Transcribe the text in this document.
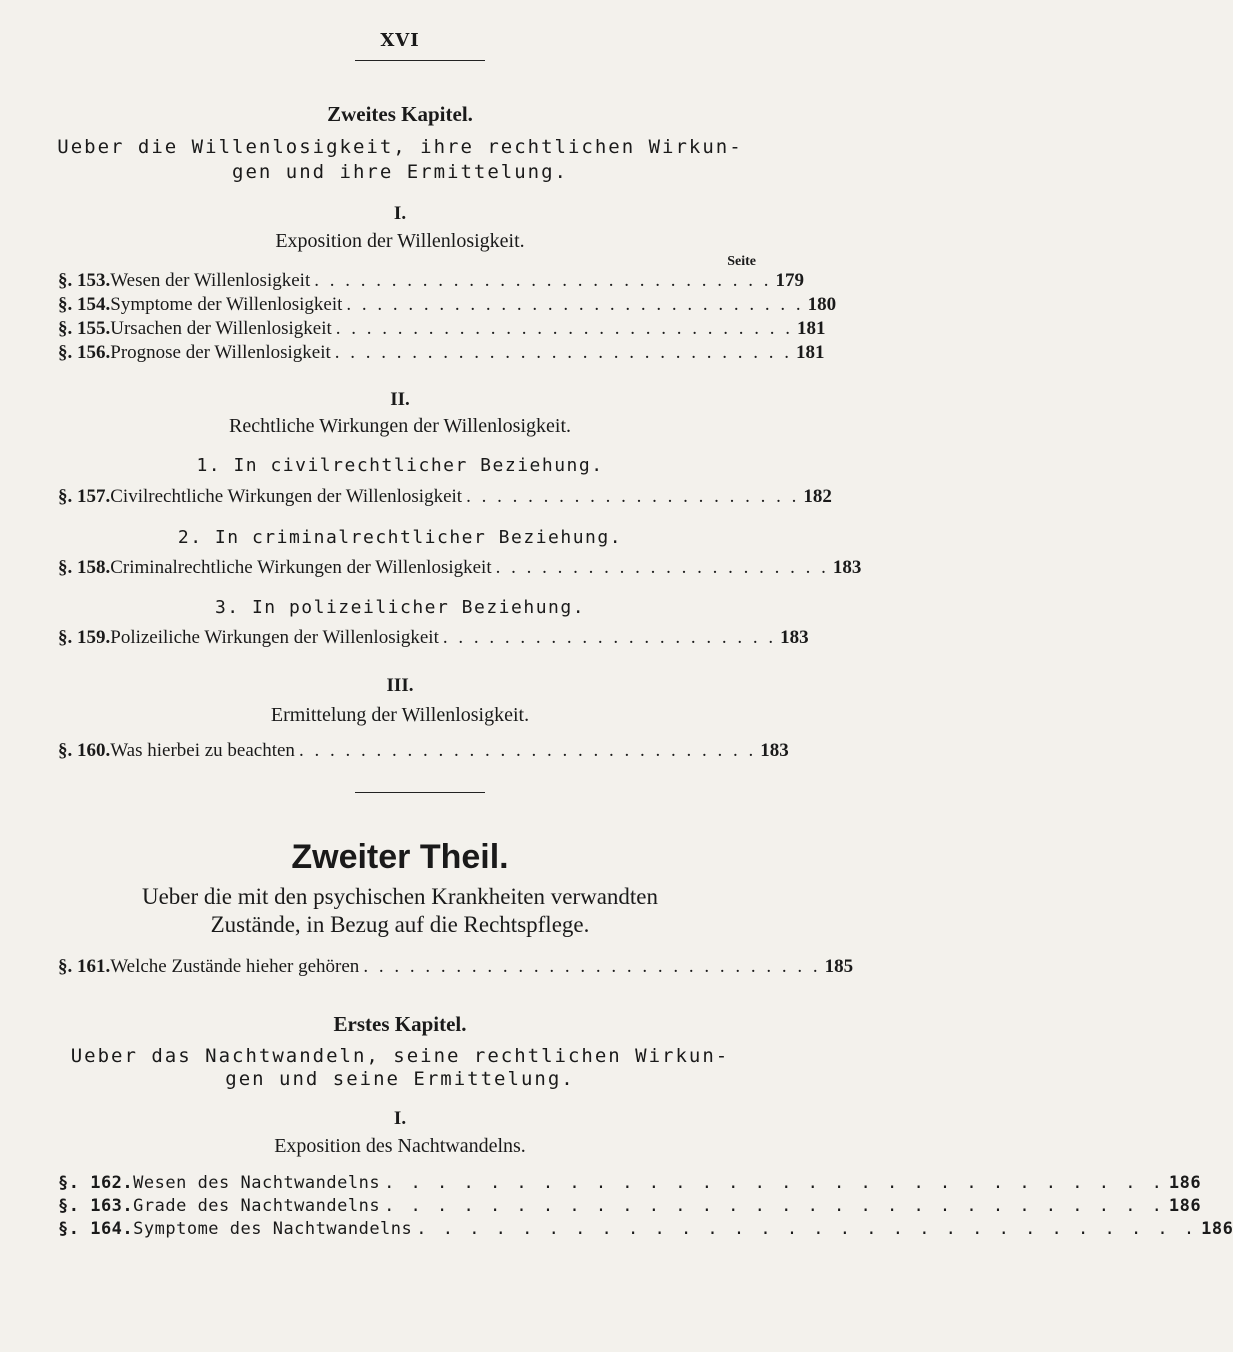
XVI
Zweites Kapitel.
Ueber die Willenlosigkeit, ihre rechtlichen Wirkun-
gen und ihre Ermittelung.
I.
Exposition der Willenlosigkeit.
Seite
§. 153. Wesen der Willenlosigkeit . . . . . . . . . . . . . . . . . . . . . . . . . . . . . . 179
§. 154. Symptome der Willenlosigkeit . . . . . . . . . . . . . . . . . . . . . . . . . . . . . . 180
§. 155. Ursachen der Willenlosigkeit . . . . . . . . . . . . . . . . . . . . . . . . . . . . . . 181
§. 156. Prognose der Willenlosigkeit . . . . . . . . . . . . . . . . . . . . . . . . . . . . . . 181
II.
Rechtliche Wirkungen der Willenlosigkeit.
1. In civilrechtlicher Beziehung.
§. 157. Civilrechtliche Wirkungen der Willenlosigkeit . . . . . . . . . . . . . . . . . . . . . . 182
2. In criminalrechtlicher Beziehung.
§. 158. Criminalrechtliche Wirkungen der Willenlosigkeit . . . . . . . . . . . . . . . . . . . . . . 183
3. In polizeilicher Beziehung.
§. 159. Polizeiliche Wirkungen der Willenlosigkeit . . . . . . . . . . . . . . . . . . . . . . 183
III.
Ermittelung der Willenlosigkeit.
§. 160. Was hierbei zu beachten . . . . . . . . . . . . . . . . . . . . . . . . . . . . . . 183
Zweiter Theil.
Ueber die mit den psychischen Krankheiten verwandten
Zustände, in Bezug auf die Rechtspflege.
§. 161. Welche Zustände hieher gehören . . . . . . . . . . . . . . . . . . . . . . . . . . . . . . 185
Erstes Kapitel.
Ueber das Nachtwandeln, seine rechtlichen Wirkun-
gen und seine Ermittelung.
I.
Exposition des Nachtwandelns.
§. 162. Wesen des Nachtwandelns . . . . . . . . . . . . . . . . . . . . . . . . . . . . . . 186
§. 163. Grade des Nachtwandelns . . . . . . . . . . . . . . . . . . . . . . . . . . . . . . 186
§. 164. Symptome des Nachtwandelns . . . . . . . . . . . . . . . . . . . . . . . . . . . . . . 186
